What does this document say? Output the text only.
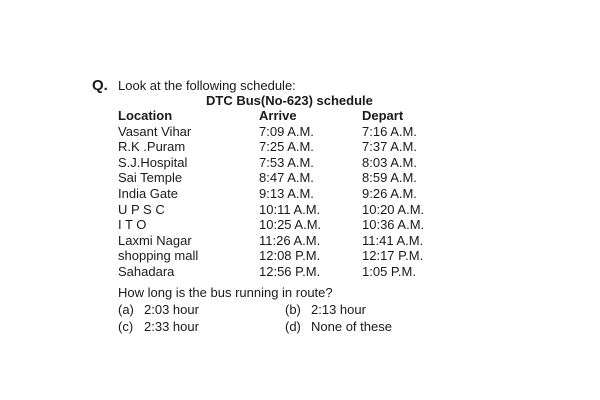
Q. Look at the following schedule:
DTC Bus(No-623) schedule
Location	Arrive	Depart
Vasant Vihar	7:09 A.M.	7:16 A.M.
R.K .Puram	7:25 A.M.	7:37 A.M.
S.J.Hospital	7:53 A.M.	8:03 A.M.
Sai Temple	8:47 A.M.	8:59 A.M.
India Gate	9:13 A.M.	9:26 A.M.
U P S C	10:11 A.M.	10:20 A.M.
I T O	10:25 A.M.	10:36 A.M.
Laxmi Nagar	11:26 A.M.	11:41 A.M.
shopping mall	12:08 P.M.	12:17 P.M.
Sahadara	12:56 P.M.	1:05 P.M.
How long is the bus running in route?
(a) 2:03 hour	(b) 2:13 hour
(c) 2:33 hour	(d) None of these
